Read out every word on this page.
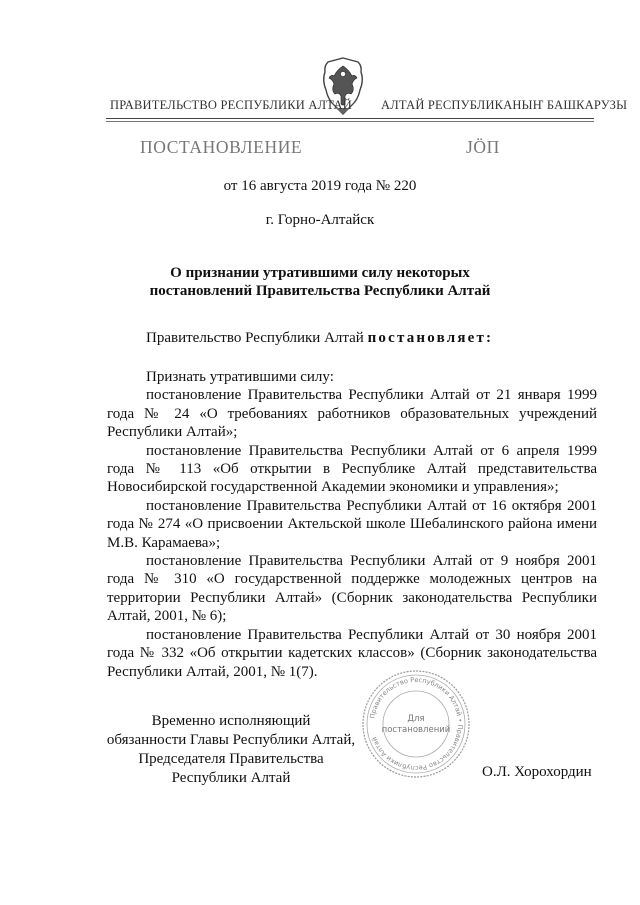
ПРАВИТЕЛЬСТВО РЕСПУБЛИКИ АЛТАЙ АЛТАЙ РЕСПУБЛИКАНЫҤ БАШКАРУЗЫ
ПОСТАНОВЛЕНИЕ	ЈӦП
от 16 августа 2019 года № 220
г. Горно-Алтайск
О признании утратившими силу некоторых
постановлений Правительства Республики Алтай
Правительство Республики Алтай постановляет:

Признать утратившими силу:

постановление Правительства Республики Алтай от 21 января 1999 года № 24 «О требованиях работников образовательных учреждений Республики Алтай»;

постановление Правительства Республики Алтай от 6 апреля 1999 года № 113 «Об открытии в Республике Алтай представительства Новосибирской государственной Академии экономики и управления»;

постановление Правительства Республики Алтай от 16 октября 2001 года № 274 «О присвоении Актельской школе Шебалинского района имени М.В. Карамаева»;

постановление Правительства Республики Алтай от 9 ноября 2001 года № 310 «О государственной поддержке молодежных центров на территории Республики Алтай» (Сборник законодательства Республики Алтай, 2001, № 6);

постановление Правительства Республики Алтай от 30 ноября 2001 года № 332 «Об открытии кадетских классов» (Сборник законодательства Республики Алтай, 2001, № 1(7).

Правительство Республики Алтай • Правительство Республики Алтай
Для
постановлений
Временно исполняющий
обязанности Главы Республики Алтай,
Председателя Правительства
Республики Алтай	О.Л. Хорохордин
